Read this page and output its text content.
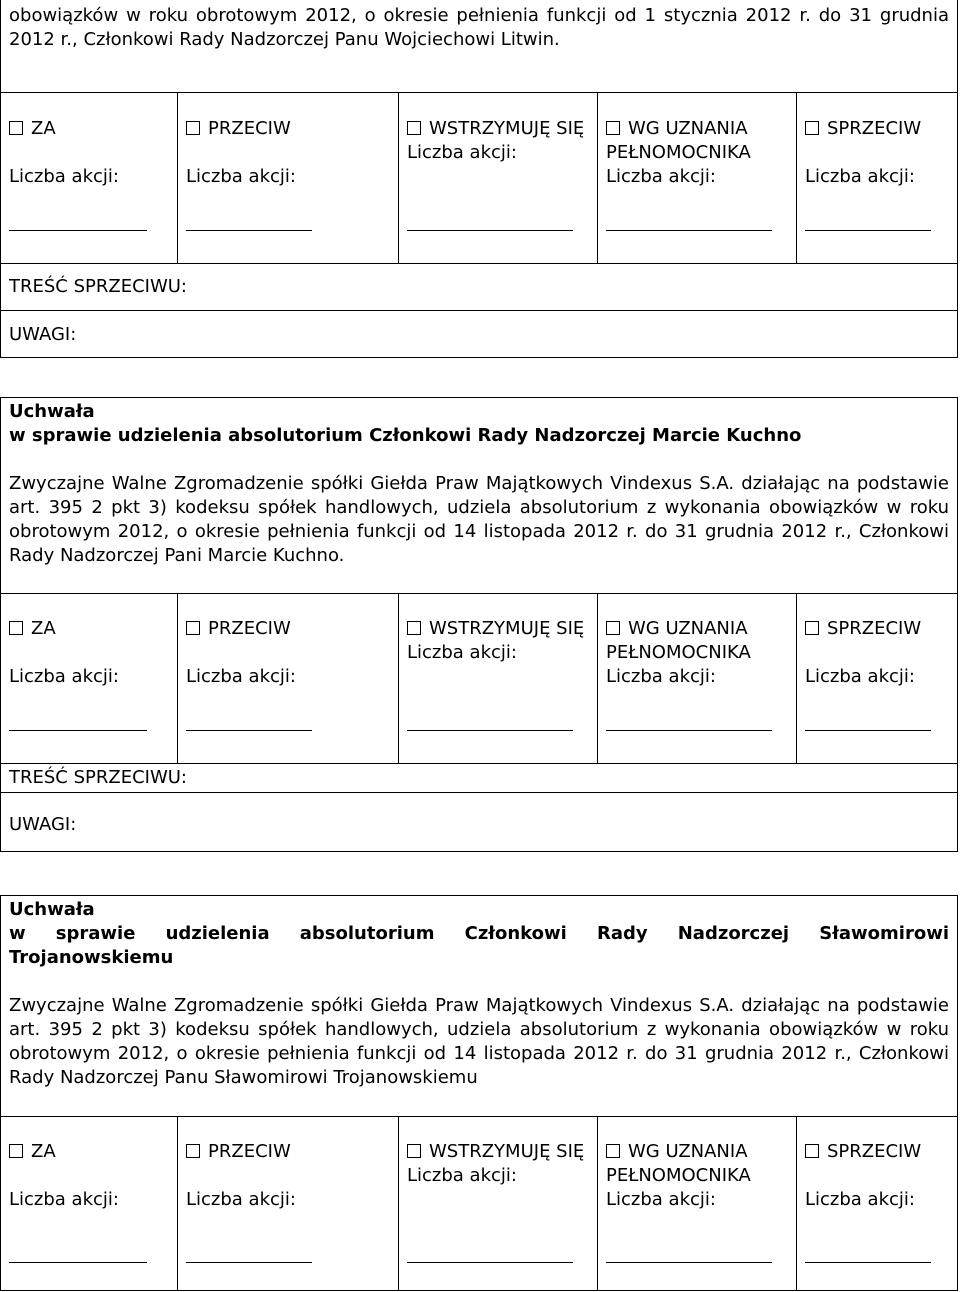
obowiązków w roku obrotowym 2012, o okresie pełnienia funkcji od 1 stycznia 2012 r. do 31 grudnia 2012 r., Członkowi Rady Nadzorczej Panu Wojciechowi Litwin.

ZA
Liczba akcji:
PRZECIW
Liczba akcji:
WSTRZYMUJĘ SIĘ
Liczba akcji:
WG UZNANIA PEŁNOMOCNIKA
Liczba akcji:
SPRZECIW
Liczba akcji:
TREŚĆ SPRZECIWU:
UWAGI:

Uchwała

w sprawie udzielenia absolutorium Członkowi Rady Nadzorczej Marcie Kuchno

Zwyczajne Walne Zgromadzenie spółki Giełda Praw Majątkowych Vindexus S.A. działając na podstawie art. 395 2 pkt 3) kodeksu spółek handlowych, udziela absolutorium z wykonania obowiązków w roku obrotowym 2012, o okresie pełnienia funkcji od 14 listopada 2012 r. do 31 grudnia 2012 r., Członkowi Rady Nadzorczej Pani Marcie Kuchno.

ZA
Liczba akcji:
PRZECIW
Liczba akcji:
WSTRZYMUJĘ SIĘ
Liczba akcji:
WG UZNANIA PEŁNOMOCNIKA
Liczba akcji:
SPRZECIW
Liczba akcji:
TREŚĆ SPRZECIWU:
UWAGI:

Uchwała

w sprawie udzielenia absolutorium Członkowi Rady Nadzorczej Sławomirowi Trojanowskiemu

Zwyczajne Walne Zgromadzenie spółki Giełda Praw Majątkowych Vindexus S.A. działając na podstawie art. 395 2 pkt 3) kodeksu spółek handlowych, udziela absolutorium z wykonania obowiązków w roku obrotowym 2012, o okresie pełnienia funkcji od 14 listopada 2012 r. do 31 grudnia 2012 r., Członkowi Rady Nadzorczej Panu Sławomirowi Trojanowskiemu

ZA
Liczba akcji:
PRZECIW
Liczba akcji:
WSTRZYMUJĘ SIĘ
Liczba akcji:
WG UZNANIA PEŁNOMOCNIKA
Liczba akcji:
SPRZECIW
Liczba akcji:
